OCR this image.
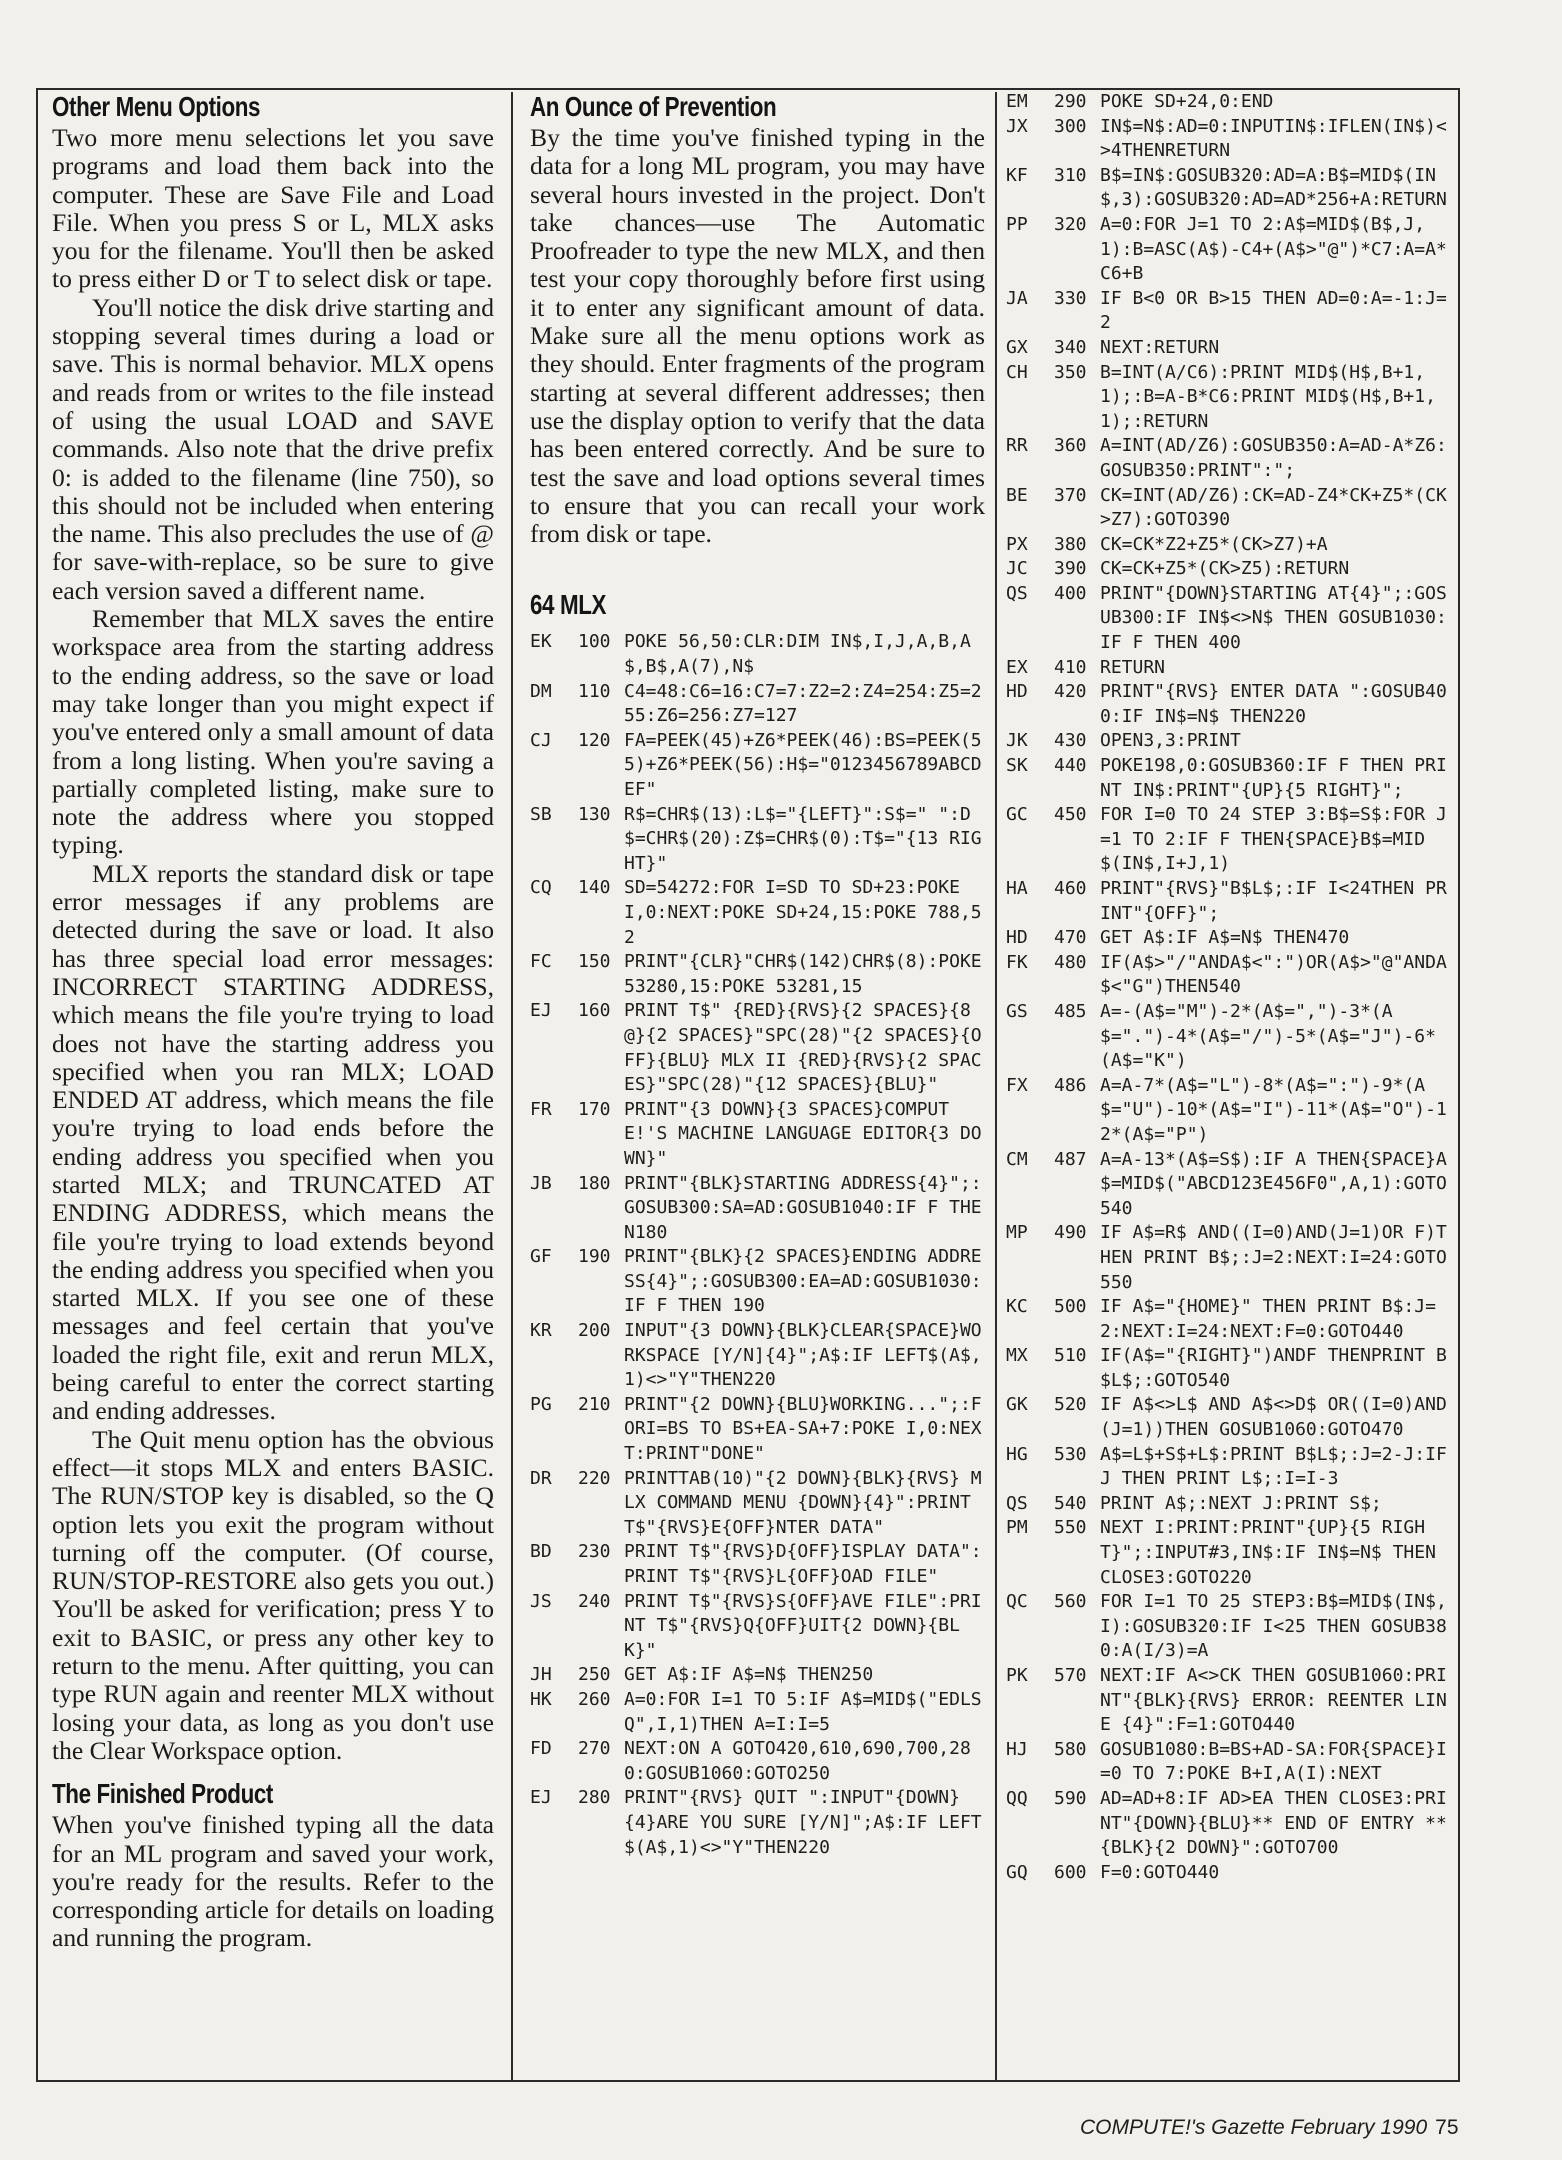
Other Menu Options

Two more menu selections let you save programs and load them back into the computer. These are Save File and Load File. When you press S or L, MLX asks you for the filename. You'll then be asked to press either D or T to select disk or tape.

You'll notice the disk drive starting and stopping several times during a load or save. This is normal behavior. MLX opens and reads from or writes to the file instead of using the usual LOAD and SAVE commands. Also note that the drive prefix 0: is added to the filename (line 750), so this should not be included when entering the name. This also precludes the use of @ for save-with-replace, so be sure to give each version saved a different name.

Remember that MLX saves the entire workspace area from the starting address to the ending address, so the save or load may take longer than you might expect if you've entered only a small amount of data from a long listing. When you're saving a partially completed listing, make sure to note the address where you stopped typing.

MLX reports the standard disk or tape error messages if any problems are detected during the save or load. It also has three special load error messages: INCORRECT STARTING ADDRESS, which means the file you're trying to load does not have the starting address you specified when you ran MLX; LOAD ENDED AT address, which means the file you're trying to load ends before the ending address you specified when you started MLX; and TRUNCATED AT ENDING ADDRESS, which means the file you're trying to load extends beyond the ending address you specified when you started MLX. If you see one of these messages and feel certain that you've loaded the right file, exit and rerun MLX, being careful to enter the correct starting and ending addresses.

The Quit menu option has the obvious effect—it stops MLX and enters BASIC. The RUN/STOP key is disabled, so the Q option lets you exit the program without turning off the computer. (Of course, RUN/STOP-RESTORE also gets you out.) You'll be asked for verification; press Y to exit to BASIC, or press any other key to return to the menu. After quitting, you can type RUN again and reenter MLX without losing your data, as long as you don't use the Clear Workspace option.

The Finished Product

When you've finished typing all the data for an ML program and saved your work, you're ready for the results. Refer to the corresponding article for details on loading and running the program.

An Ounce of Prevention

By the time you've finished typing in the data for a long ML program, you may have several hours invested in the project. Don't take chances—use The Automatic Proofreader to type the new MLX, and then test your copy thoroughly before first using it to enter any significant amount of data. Make sure all the menu options work as they should. Enter fragments of the program starting at several different addresses; then use the display option to verify that the data has been entered correctly. And be sure to test the save and load options several times to ensure that you can recall your work from disk or tape.

64 MLX
EK	100 POKE 56,50:CLR:DIM IN$,I,J,A,B,A$,B$,A(7),N$
DM	110 C4=48:C6=16:C7=7:Z2=2:Z4=254:Z5=255:Z6=256:Z7=127
CJ	120 FA=PEEK(45)+Z6*PEEK(46):BS=PEEK(55)+Z6*PEEK(56):H$="0123456789ABCDEF"
SB	130 R$=CHR$(13):L$="{LEFT}":S$=" ":D$=CHR$(20):Z$=CHR$(0):T$="{13 RIGHT}"
CQ	140 SD=54272:FOR I=SD TO SD+23:POKE I,0:NEXT:POKE SD+24,15:POKE 788,52
FC	150 PRINT"{CLR}"CHR$(142)CHR$(8):POKE 53280,15:POKE 53281,15
EJ	160 PRINT T$" {RED}{RVS}{2 SPACES}{8 @}{2 SPACES}"SPC(28)"{2 SPACES}{OFF}{BLU} MLX II {RED}{RVS}{2 SPACES}"SPC(28)"{12 SPACES}{BLU}"
FR	170 PRINT"{3 DOWN}{3 SPACES}COMPUTE!'S MACHINE LANGUAGE EDITOR{3 DOWN}"
JB	180 PRINT"{BLK}STARTING ADDRESS{4}";:GOSUB300:SA=AD:GOSUB1040:IF F THEN180
GF	190 PRINT"{BLK}{2 SPACES}ENDING ADDRESS{4}";:GOSUB300:EA=AD:GOSUB1030:IF F THEN 190
KR	200 INPUT"{3 DOWN}{BLK}CLEAR{SPACE}WORKSPACE [Y/N]{4}";A$:IF LEFT$(A$,1)<>"Y"THEN220
PG	210 PRINT"{2 DOWN}{BLU}WORKING...";:FORI=BS TO BS+EA-SA+7:POKE I,0:NEXT:PRINT"DONE"
DR	220 PRINTTAB(10)"{2 DOWN}{BLK}{RVS} MLX COMMAND MENU {DOWN}{4}":PRINT T$"{RVS}E{OFF}NTER DATA"
BD	230 PRINT T$"{RVS}D{OFF}ISPLAY DATA":PRINT T$"{RVS}L{OFF}OAD FILE"
JS	240 PRINT T$"{RVS}S{OFF}AVE FILE":PRINT T$"{RVS}Q{OFF}UIT{2 DOWN}{BLK}"
JH	250 GET A$:IF A$=N$ THEN250
HK	260 A=0:FOR I=1 TO 5:IF A$=MID$("EDLSQ",I,1)THEN A=I:I=5
FD	270 NEXT:ON A GOTO420,610,690,700,280:GOSUB1060:GOTO250
EJ	280 PRINT"{RVS} QUIT ":INPUT"{DOWN}{4}ARE YOU SURE [Y/N]";A$:IF LEFT$(A$,1)<>"Y"THEN220
EM	290 POKE SD+24,0:END
JX	300 IN$=N$:AD=0:INPUTIN$:IFLEN(IN$)<>4THENRETURN
KF	310 B$=IN$:GOSUB320:AD=A:B$=MID$(IN$,3):GOSUB320:AD=AD*256+A:RETURN
PP	320 A=0:FOR J=1 TO 2:A$=MID$(B$,J,1):B=ASC(A$)-C4+(A$>"@")*C7:A=A*C6+B
JA	330 IF B<0 OR B>15 THEN AD=0:A=-1:J=2
GX	340 NEXT:RETURN
CH	350 B=INT(A/C6):PRINT MID$(H$,B+1,1);:B=A-B*C6:PRINT MID$(H$,B+1,1);:RETURN
RR	360 A=INT(AD/Z6):GOSUB350:A=AD-A*Z6:GOSUB350:PRINT":";
BE	370 CK=INT(AD/Z6):CK=AD-Z4*CK+Z5*(CK>Z7):GOTO390
PX	380 CK=CK*Z2+Z5*(CK>Z7)+A
JC	390 CK=CK+Z5*(CK>Z5):RETURN
QS	400 PRINT"{DOWN}STARTING AT{4}";:GOSUB300:IF IN$<>N$ THEN GOSUB1030:IF F THEN 400
EX	410 RETURN
HD	420 PRINT"{RVS} ENTER DATA ":GOSUB400:IF IN$=N$ THEN220
JK	430 OPEN3,3:PRINT
SK	440 POKE198,0:GOSUB360:IF F THEN PRINT IN$:PRINT"{UP}{5 RIGHT}";
GC	450 FOR I=0 TO 24 STEP 3:B$=S$:FOR J=1 TO 2:IF F THEN{SPACE}B$=MID$(IN$,I+J,1)
HA	460 PRINT"{RVS}"B$L$;:IF I<24THEN PRINT"{OFF}";
HD	470 GET A$:IF A$=N$ THEN470
FK	480 IF(A$>"/"ANDA$<":")OR(A$>"@"ANDA$<"G")THEN540
GS	485 A=-(A$="M")-2*(A$=",")-3*(A$=".")-4*(A$="/")-5*(A$="J")-6*(A$="K")
FX	486 A=A-7*(A$="L")-8*(A$=":")-9*(A$="U")-10*(A$="I")-11*(A$="O")-12*(A$="P")
CM	487 A=A-13*(A$=S$):IF A THEN{SPACE}A$=MID$("ABCD123E456F0",A,1):GOTO 540
MP	490 IF A$=R$ AND((I=0)AND(J=1)OR F)THEN PRINT B$;:J=2:NEXT:I=24:GOTO550
KC	500 IF A$="{HOME}" THEN PRINT B$:J=2:NEXT:I=24:NEXT:F=0:GOTO440
MX	510 IF(A$="{RIGHT}")ANDF THENPRINT B$L$;:GOTO540
GK	520 IF A$<>L$ AND A$<>D$ OR((I=0)AND(J=1))THEN GOSUB1060:GOTO470
HG	530 A$=L$+S$+L$:PRINT B$L$;:J=2-J:IF J THEN PRINT L$;:I=I-3
QS	540 PRINT A$;:NEXT J:PRINT S$;
PM	550 NEXT I:PRINT:PRINT"{UP}{5 RIGHT}";:INPUT#3,IN$:IF IN$=N$ THEN CLOSE3:GOTO220
QC	560 FOR I=1 TO 25 STEP3:B$=MID$(IN$,I):GOSUB320:IF I<25 THEN GOSUB380:A(I/3)=A
PK	570 NEXT:IF A<>CK THEN GOSUB1060:PRINT"{BLK}{RVS} ERROR: REENTER LINE {4}":F=1:GOTO440
HJ	580 GOSUB1080:B=BS+AD-SA:FOR{SPACE}I=0 TO 7:POKE B+I,A(I):NEXT
QQ	590 AD=AD+8:IF AD>EA THEN CLOSE3:PRINT"{DOWN}{BLU}** END OF ENTRY **{BLK}{2 DOWN}":GOTO700
GQ	600 F=0:GOTO440
COMPUTE!'s Gazette February 1990 75
